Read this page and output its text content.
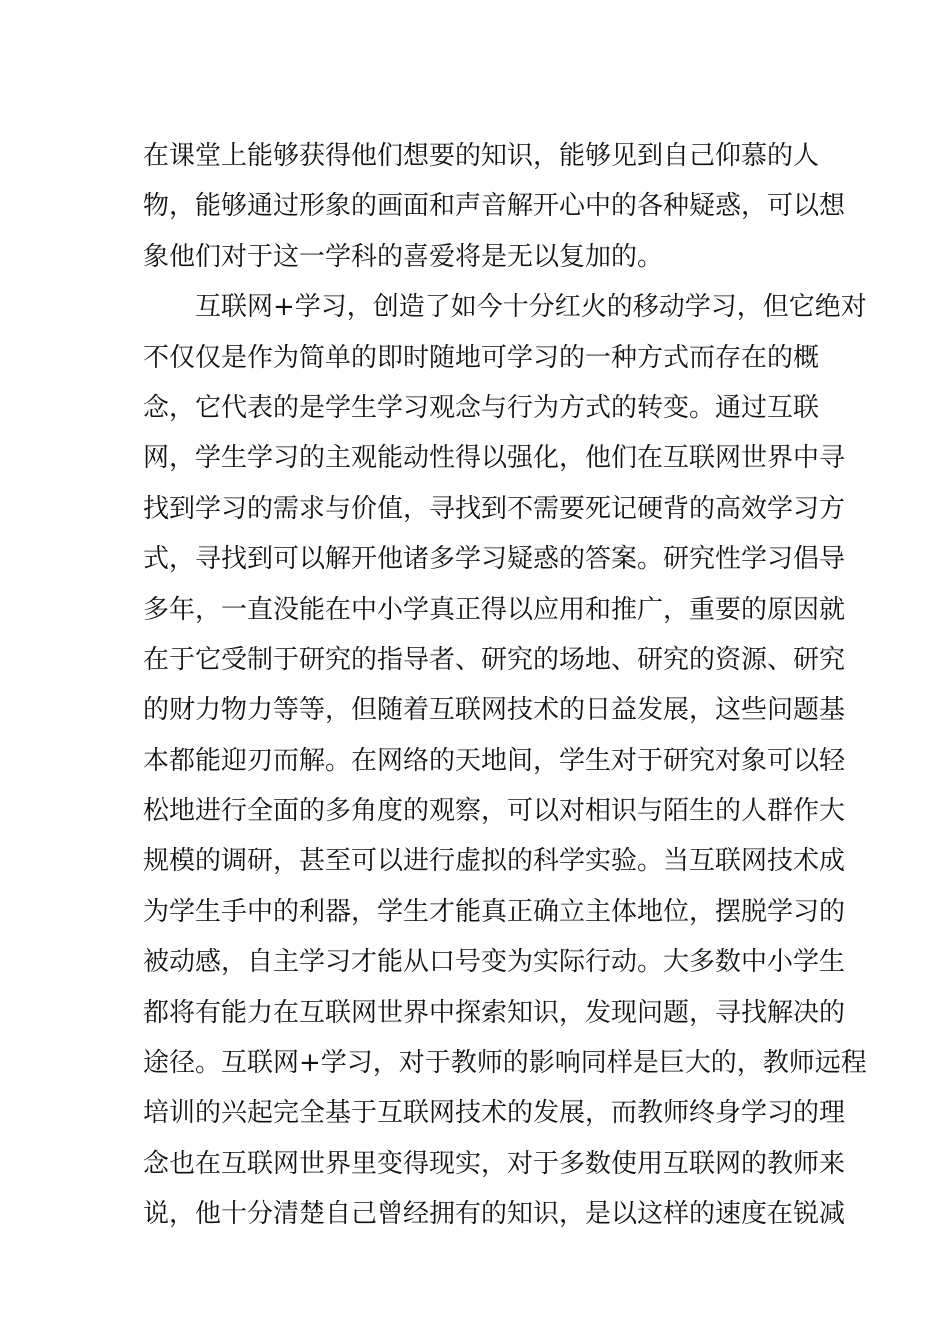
在课堂上能够获得他们想要的知识，能够见到自己仰慕的人
物，能够通过形象的画面和声音解开心中的各种疑惑，可以想
象他们对于这一学科的喜爱将是无以复加的。
互联网+学习，创造了如今十分红火的移动学习，但它绝对
不仅仅是作为简单的即时随地可学习的一种方式而存在的概
念，它代表的是学生学习观念与行为方式的转变。通过互联
网，学生学习的主观能动性得以强化，他们在互联网世界中寻
找到学习的需求与价值，寻找到不需要死记硬背的高效学习方
式，寻找到可以解开他诸多学习疑惑的答案。研究性学习倡导
多年，一直没能在中小学真正得以应用和推广，重要的原因就
在于它受制于研究的指导者、研究的场地、研究的资源、研究
的财力物力等等，但随着互联网技术的日益发展，这些问题基
本都能迎刃而解。在网络的天地间，学生对于研究对象可以轻
松地进行全面的多角度的观察，可以对相识与陌生的人群作大
规模的调研，甚至可以进行虚拟的科学实验。当互联网技术成
为学生手中的利器，学生才能真正确立主体地位，摆脱学习的
被动感，自主学习才能从口号变为实际行动。大多数中小学生
都将有能力在互联网世界中探索知识，发现问题，寻找解决的
途径。互联网+学习，对于教师的影响同样是巨大的，教师远程
培训的兴起完全基于互联网技术的发展，而教师终身学习的理
念也在互联网世界里变得现实，对于多数使用互联网的教师来
说，他十分清楚自己曾经拥有的知识，是以这样的速度在锐减
